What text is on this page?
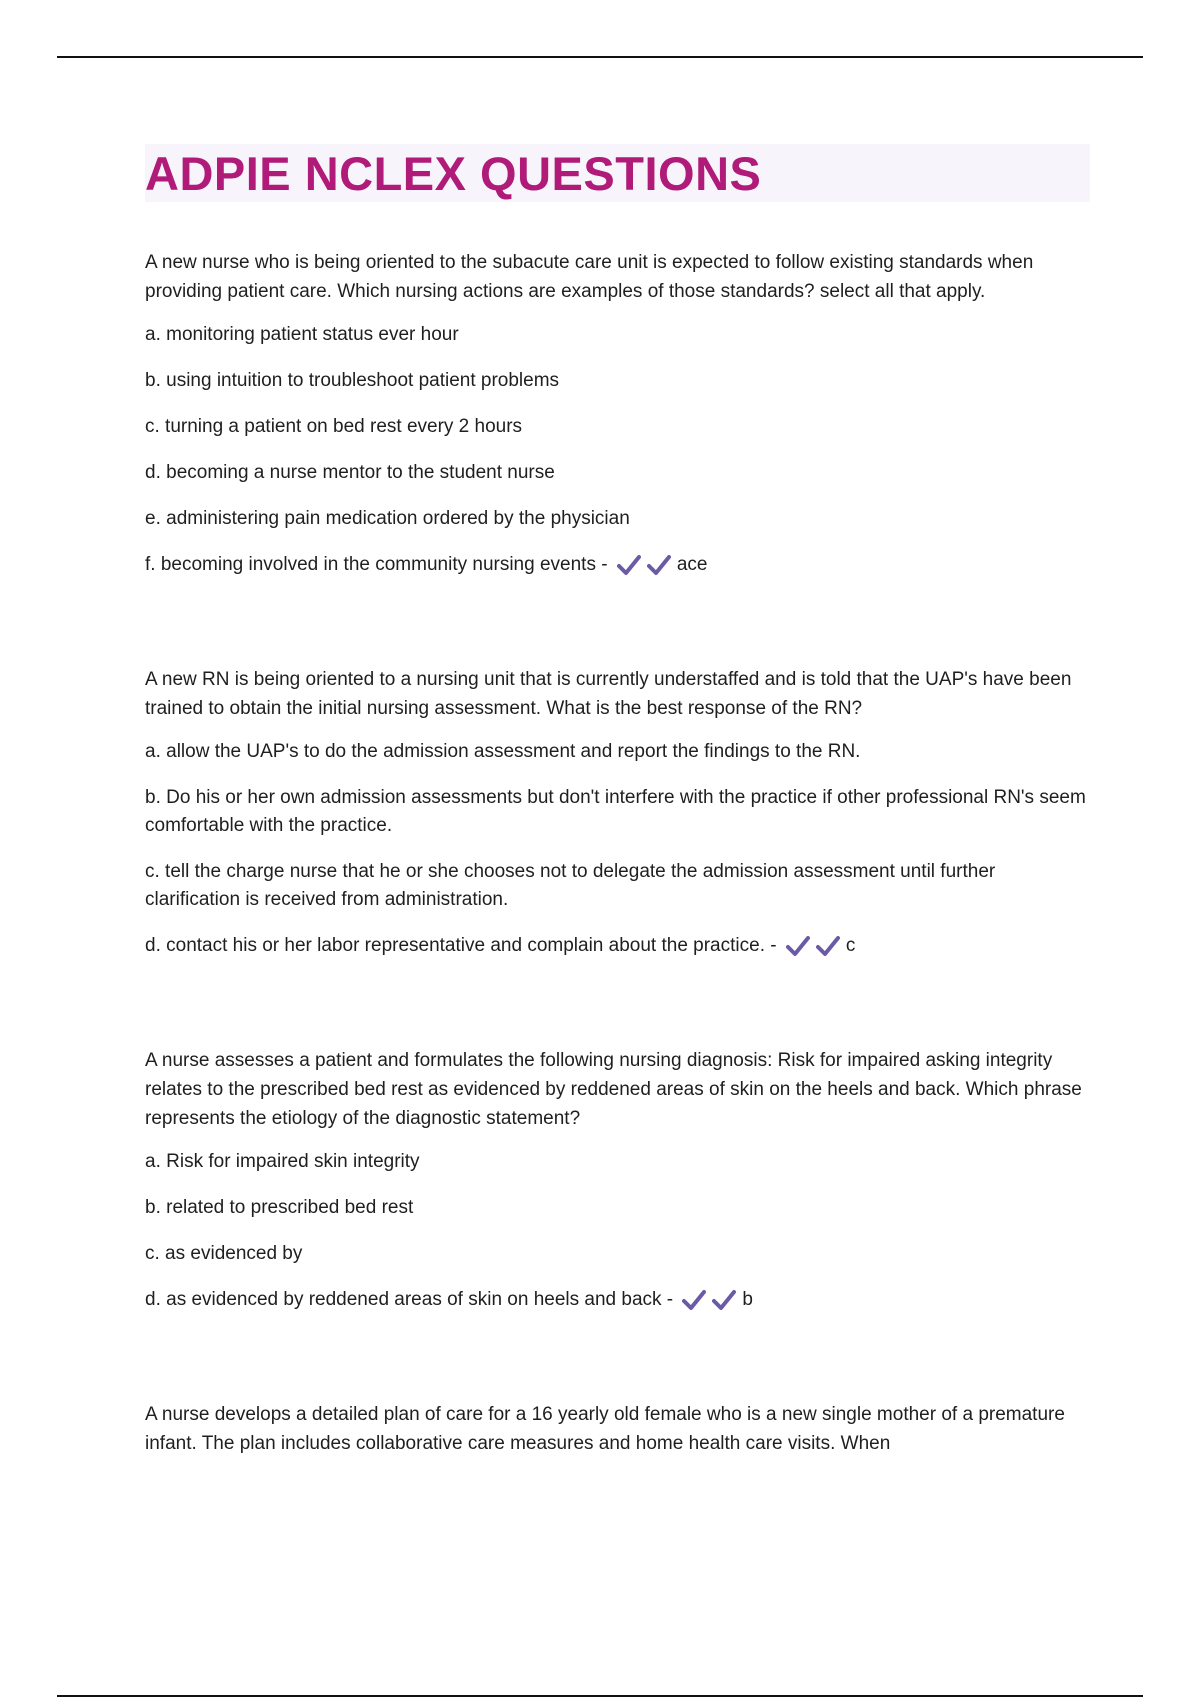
ADPIE NCLEX QUESTIONS

A new nurse who is being oriented to the subacute care unit is expected to follow existing standards when providing patient care. Which nursing actions are examples of those standards? select all that apply.

a. monitoring patient status ever hour

b. using intuition to troubleshoot patient problems

c. turning a patient on bed rest every 2 hours

d. becoming a nurse mentor to the student nurse

e. administering pain medication ordered by the physician

f. becoming involved in the community nursing events -	ace

A new RN is being oriented to a nursing unit that is currently understaffed and is told that the UAP's have been trained to obtain the initial nursing assessment. What is the best response of the RN?

a. allow the UAP's to do the admission assessment and report the findings to the RN.

b. Do his or her own admission assessments but don't interfere with the practice if other professional RN's seem comfortable with the practice.

c. tell the charge nurse that he or she chooses not to delegate the admission assessment until further clarification is received from administration.

d. contact his or her labor representative and complain about the practice. -	c

A nurse assesses a patient and formulates the following nursing diagnosis: Risk for impaired asking integrity relates to the prescribed bed rest as evidenced by reddened areas of skin on the heels and back. Which phrase represents the etiology of the diagnostic statement?

a. Risk for impaired skin integrity

b. related to prescribed bed rest

c. as evidenced by

d. as evidenced by reddened areas of skin on heels and back -	b

A nurse develops a detailed plan of care for a 16 yearly old female who is a new single mother of a premature infant. The plan includes collaborative care measures and home health care visits. When
